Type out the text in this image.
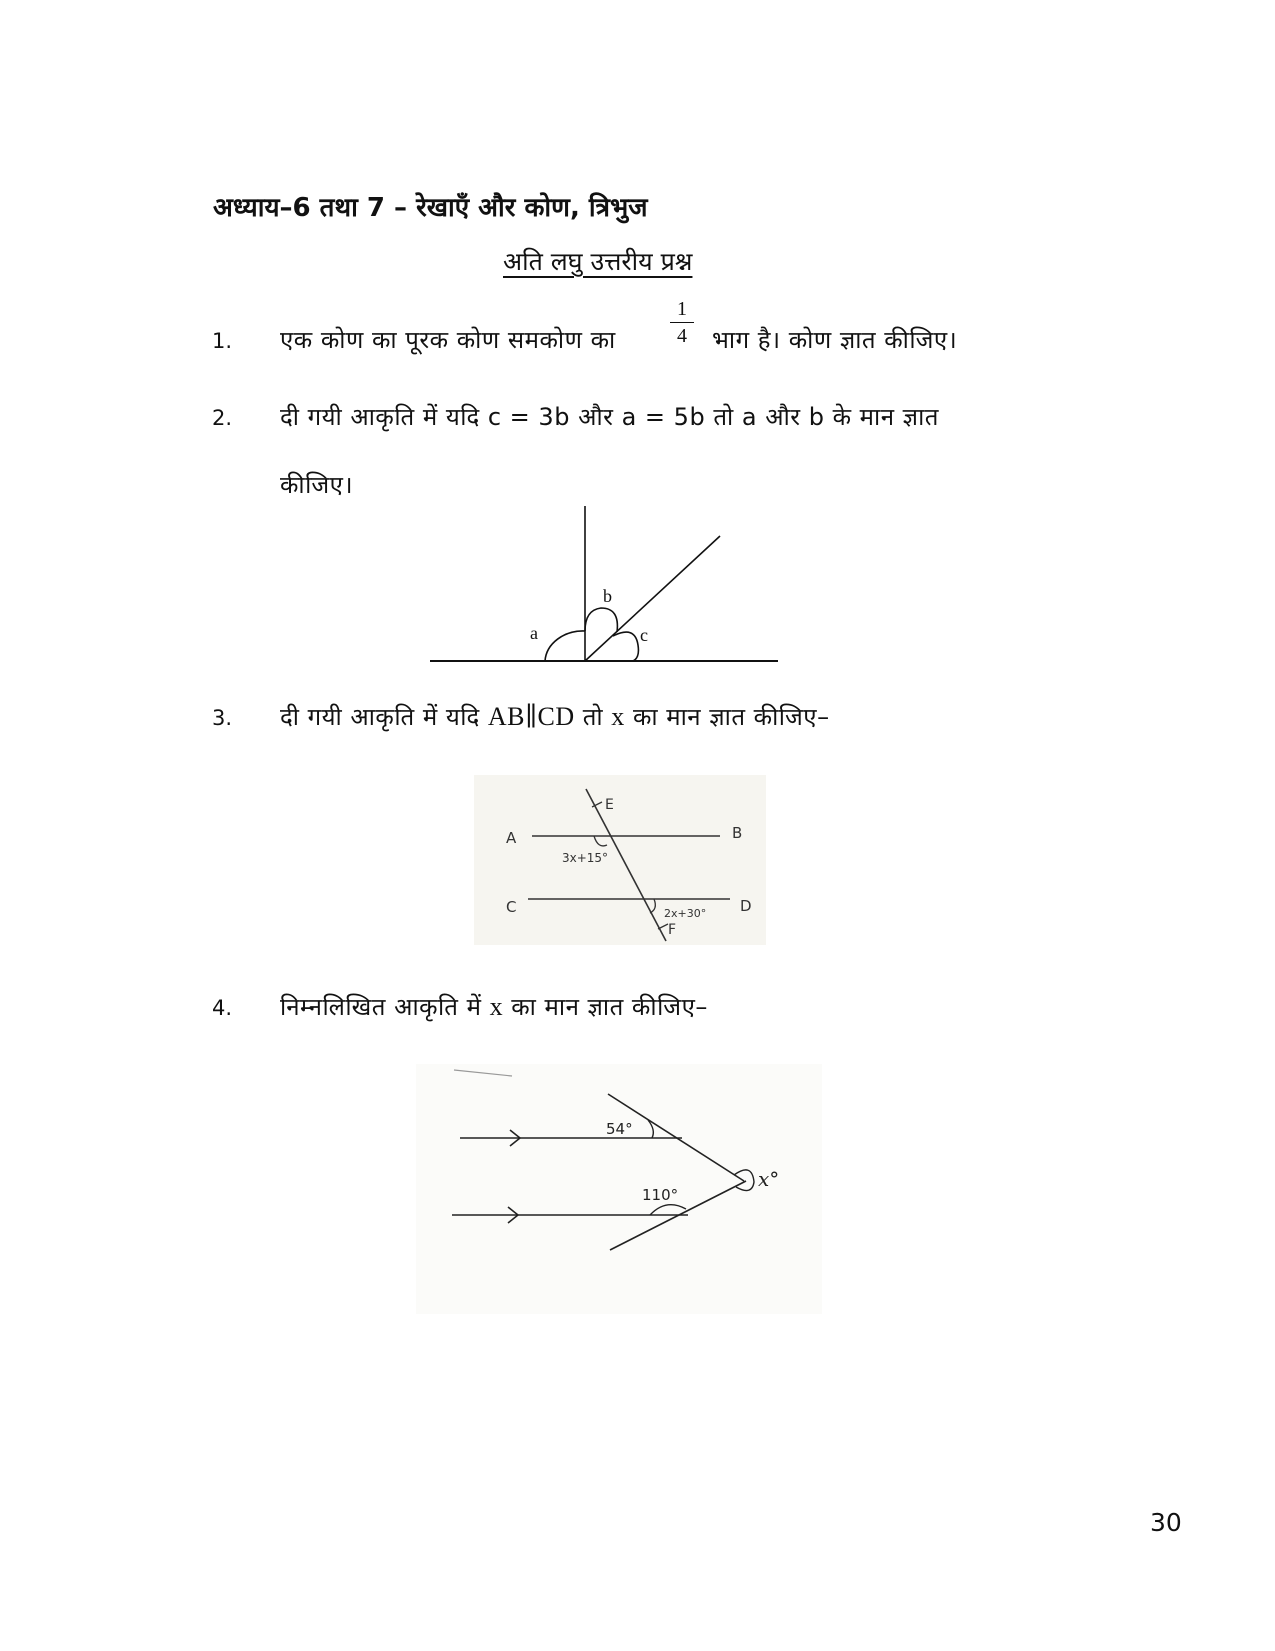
अध्याय–6 तथा 7 – रेखाएँ और कोण, त्रिभुज
अति लघु उत्तरीय प्रश्न
1. एक कोण का पूरक कोण समकोण का
1
4	भाग है। कोण ज्ञात कीजिए।
2. दी गयी आकृति में यदि c = 3b और a = 5b तो a और b के मान ज्ञात
कीजिए।
a
b
c
3. दी गयी आकृति में यदि AB∥CD तो x का मान ज्ञात कीजिए–
A	B
C	D
E
F
3x+15°
2x+30°
4. निम्नलिखित आकृति में x का मान ज्ञात कीजिए–
54°
110°
x°
30
